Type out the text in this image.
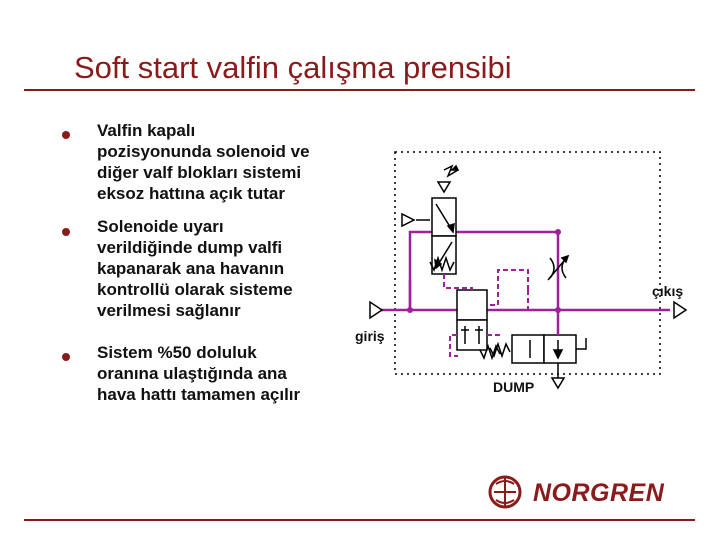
Soft start valfin çalışma prensibi
Valfin kapalı
pozisyonunda solenoid ve
diğer valf blokları sistemi
eksoz hattına açık tutar
Solenoide uyarı
verildiğinde dump valfi
kapanarak ana havanın
kontrollü olarak sisteme
verilmesi sağlanır
Sistem %50 doluluk
oranına ulaştığında ana
hava hattı tamamen açılır
çıkış
giriş
DUMP
NORGREN
